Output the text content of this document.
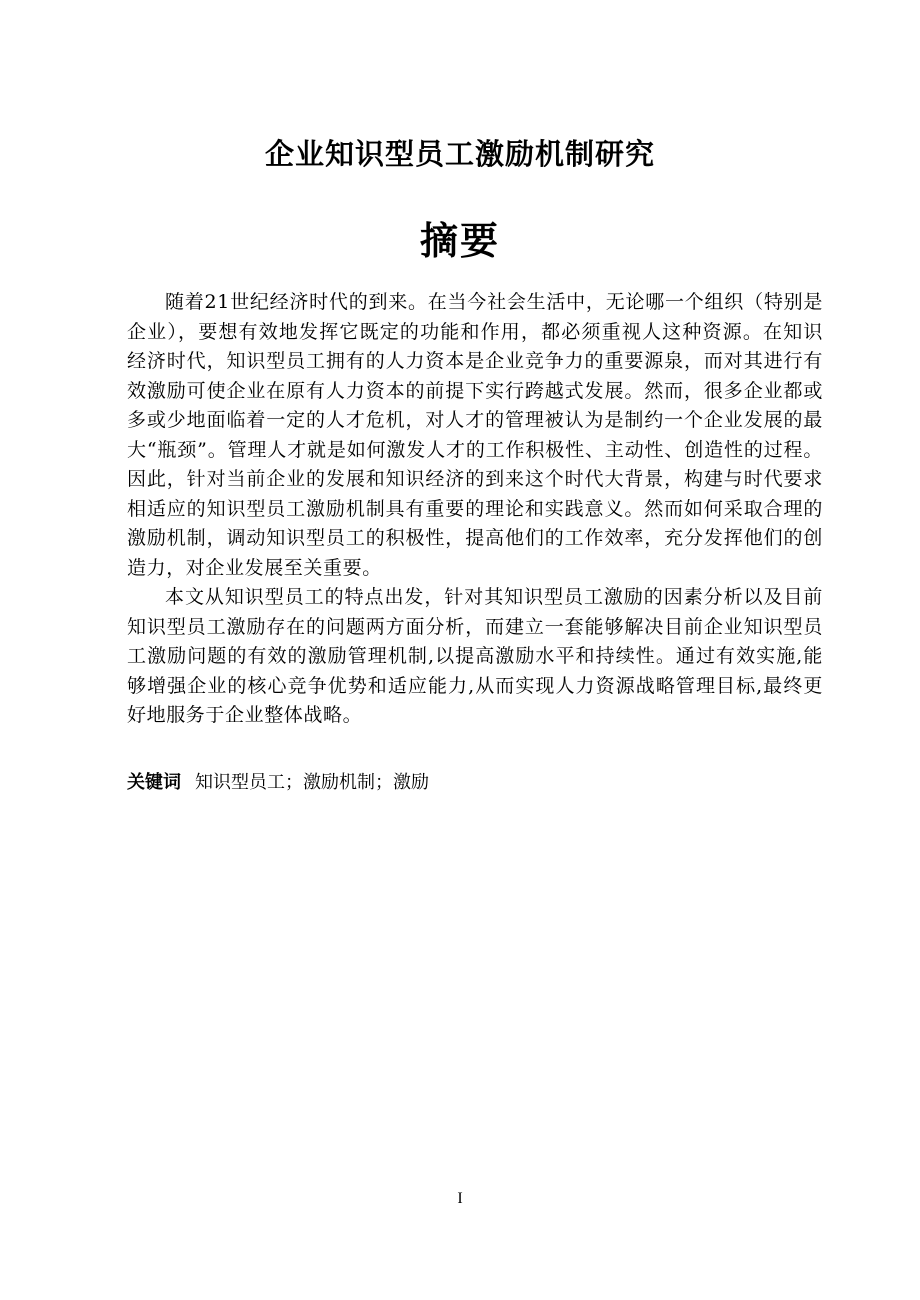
企业知识型员工激励机制研究
摘要

随着21世纪经济时代的到来。在当今社会生活中，无论哪一个组织（特别是企业），要想有效地发挥它既定的功能和作用，都必须重视人这种资源。在知识经济时代，知识型员工拥有的人力资本是企业竞争力的重要源泉，而对其进行有效激励可使企业在原有人力资本的前提下实行跨越式发展。然而，很多企业都或多或少地面临着一定的人才危机，对人才的管理被认为是制约一个企业发展的最大“瓶颈”。管理人才就是如何激发人才的工作积极性、主动性、创造性的过程。因此，针对当前企业的发展和知识经济的到来这个时代大背景，构建与时代要求相适应的知识型员工激励机制具有重要的理论和实践意义。然而如何采取合理的激励机制，调动知识型员工的积极性，提高他们的工作效率，充分发挥他们的创造力，对企业发展至关重要。

本文从知识型员工的特点出发，针对其知识型员工激励的因素分析以及目前知识型员工激励存在的问题两方面分析，而建立一套能够解决目前企业知识型员工激励问题的有效的激励管理机制,以提高激励水平和持续性。通过有效实施,能够增强企业的核心竞争优势和适应能力,从而实现人力资源战略管理目标,最终更好地服务于企业整体战略。

关键词 知识型员工；激励机制；激励

I
